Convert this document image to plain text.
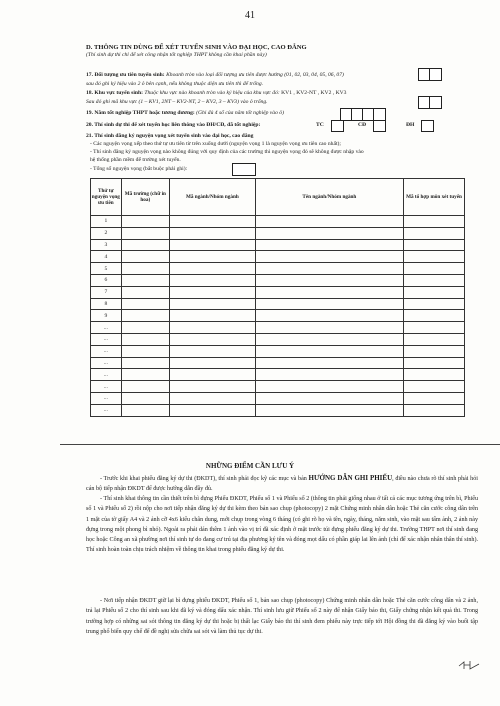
41
D. THÔNG TIN DÙNG ĐỂ XÉT TUYỂN SINH VÀO ĐẠI HỌC, CAO ĐẲNG
(Thí sinh dự thi chỉ để xét công nhận tốt nghiệp THPT không cần khai phần này)
17. Đối tượng ưu tiên tuyển sinh: Khoanh tròn vào loại đối tượng ưu tiên được hưởng (01, 02, 03, 04, 05, 06, 07)
sau đó ghi ký hiệu vào 2 ô bên cạnh, nếu không thuộc diện ưu tiên thì để trống.
18. Khu vực tuyển sinh: Thuộc khu vực nào khoanh tròn vào ký hiệu của khu vực đó: KV1 , KV2-NT , KV2 , KV3
Sau đó ghi mã khu vực (1 – KV1, 2NT – KV2-NT, 2 – KV2, 3 – KV3) vào ô trống.
19. Năm tốt nghiệp THPT hoặc tương đương: (Ghi đủ 4 số của năm tốt nghiệp vào ô)
20. Thí sinh dự thi để xét tuyển học liên thông vào ĐH/CĐ, đã tốt nghiệp:	TC	CĐ	ĐH
21. Thí sinh đăng ký nguyện vọng xét tuyển sinh vào đại học, cao đẳng
- Các nguyện vọng xếp theo thứ tự ưu tiên từ trên xuống dưới (nguyện vọng 1 là nguyện vọng ưu tiên cao nhất);
- Thí sinh đăng ký nguyện vọng nào không đúng với quy định của các trường thì nguyện vọng đó sẽ không được nhập vào
hệ thống phần mềm để trường xét tuyển.
- Tổng số nguyện vọng (bắt buộc phải ghi):
Thứ tự nguyện vọng ưu tiên	Mã trường (chữ in hoa)	Mã ngành/Nhóm ngành	Tên ngành/Nhóm ngành	Mã tổ hợp môn xét tuyển
1				
2				
3				
4				
5				
6				
7				
8				
9				
...				
...				
...				
...				
...				
...				
...				
...				
NHỮNG ĐIỂM CẦN LƯU Ý
- Trước khi khai phiếu đăng ký dự thi (ĐKDT), thí sinh phải đọc kỹ các mục và bản HƯỚNG DẪN GHI PHIẾU, điều nào chưa rõ thí sinh phải hỏi cán bộ tiếp nhận ĐKDT để được hướng dẫn đầy đủ.
- Thí sinh khai thông tin cần thiết trên bì đựng Phiếu ĐKDT, Phiếu số 1 và Phiếu số 2 (thông tin phải giống nhau ở tất cả các mục tương ứng trên bì, Phiếu số 1 và Phiếu số 2) rồi nộp cho nơi tiếp nhận đăng ký dự thi kèm theo bản sao chụp (photocopy) 2 mặt Chứng minh nhân dân hoặc Thẻ căn cước công dân trên 1 mặt của tờ giấy A4 và 2 ảnh cỡ 4x6 kiểu chân dung, mới chụp trong vòng 6 tháng (có ghi rõ họ và tên, ngày, tháng, năm sinh, vào mặt sau tấm ảnh, 2 ảnh này đựng trong một phong bì nhỏ). Ngoài ra phải dán thêm 1 ảnh vào vị trí đã xác định ở mặt trước túi đựng phiếu đăng ký dự thi. Trường THPT nơi thí sinh đang học hoặc Công an xã phường nơi thí sinh tự do đang cư trú tại địa phương ký tên và đóng mọt dấu có phần giáp lai lên ảnh (chỉ để xác nhận nhân thân thí sinh). Thí sinh hoàn toàn chịu trách nhiệm về thông tin khai trong phiếu đăng ký dự thi.
- Nơi tiếp nhận ĐKDT giữ lại bì đựng phiếu ĐKDT, Phiếu số 1, bản sao chụp (photocopy) Chứng minh nhân dân hoặc Thẻ căn cước công dân và 2 ảnh, trả lại Phiếu số 2 cho thí sinh sau khi đã ký và đóng dấu xác nhận. Thí sinh lưu giữ Phiếu số 2 này để nhận Giấy báo thi, Giấy chứng nhận kết quả thi. Trong trường hợp có những sai sót thông tin đăng ký dự thi hoặc bị thất lạc Giấy báo thi thí sinh đem phiếu này trực tiếp tới Hội đồng thi đã đăng ký vào buổi tập trung phổ biến quy chế để đề nghị sửa chữa sai sót và làm thủ tục dự thi.
